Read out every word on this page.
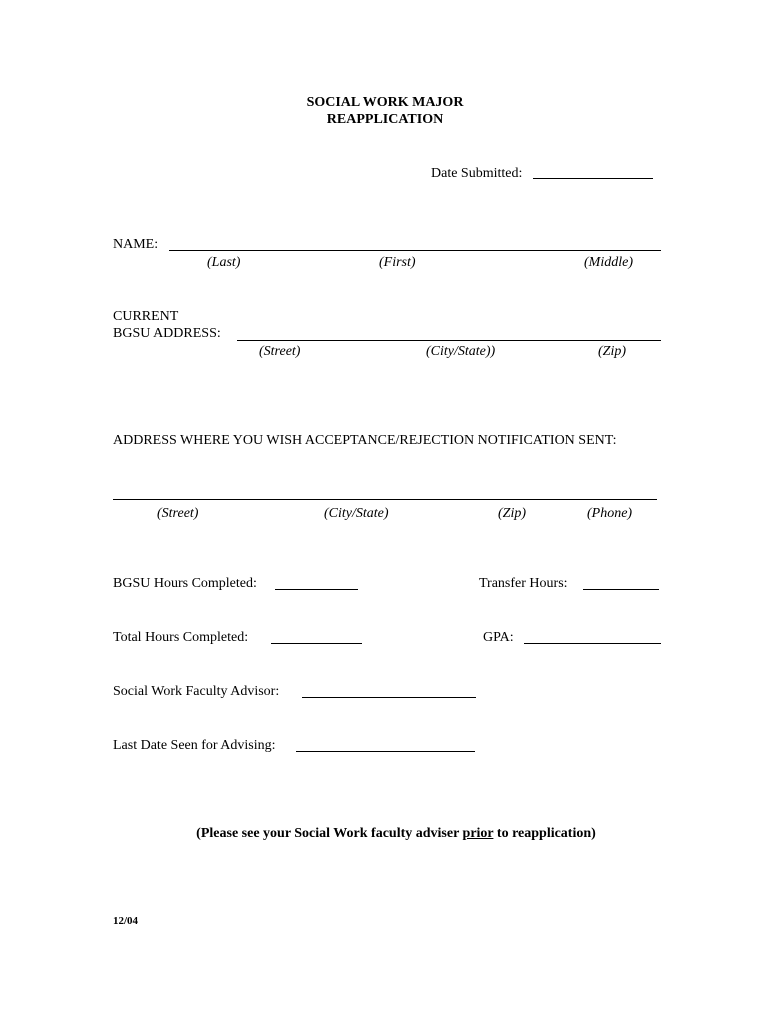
SOCIAL WORK MAJOR
REAPPLICATION
Date Submitted:
NAME:
(Last)	(First)	(Middle)
CURRENT
BGSU ADDRESS:
(Street)	(City/State))	(Zip)
ADDRESS WHERE YOU WISH ACCEPTANCE/REJECTION NOTIFICATION SENT:
(Street)	(City/State)	(Zip)	(Phone)
BGSU Hours Completed:	Transfer Hours:
Total Hours Completed:	GPA:
Social Work Faculty Advisor:
Last Date Seen for Advising:
(Please see your Social Work faculty adviser prior to reapplication)
12/04
